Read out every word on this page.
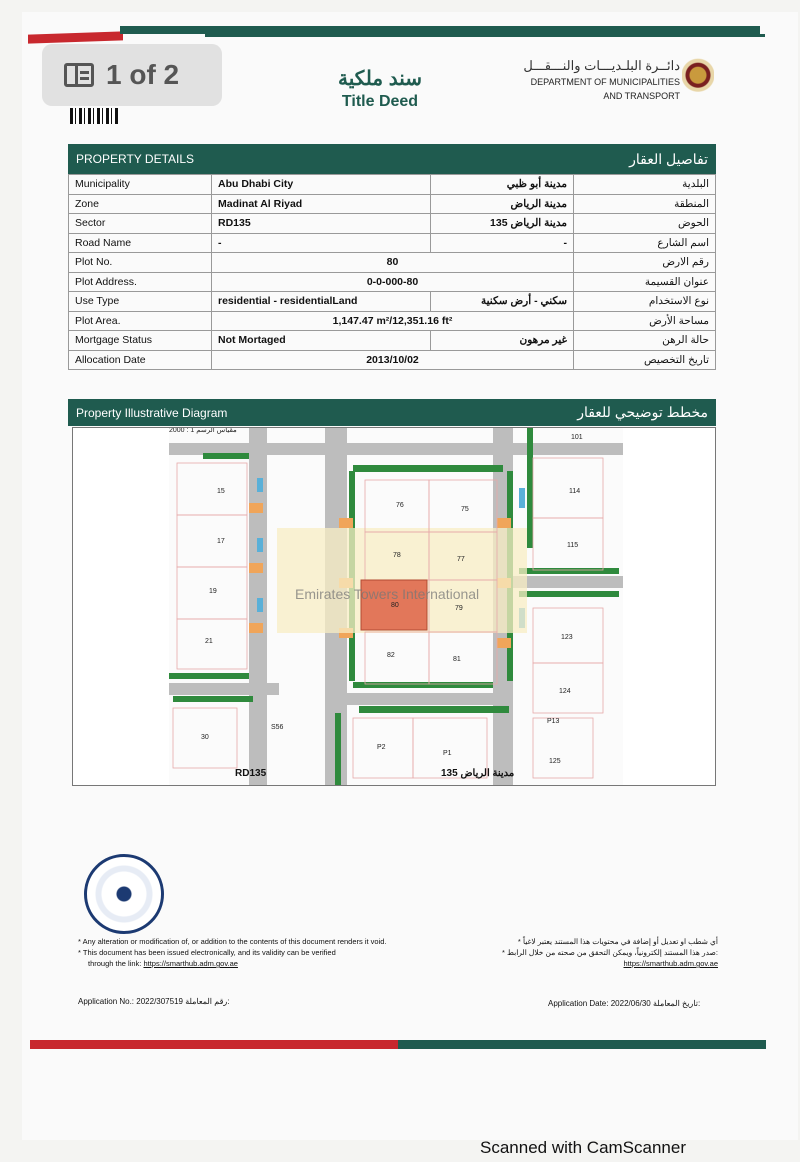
1 of 2	سند ملكية
Title Deed
دائــرة البلـديـــات والنـــقـــل
DEPARTMENT OF MUNICIPALITIES
AND TRANSPORT
PROPERTY DETAILS	تفاصيل العقار
Municipality	Abu Dhabi City	مدينة أبو ظبي	البلدية
Zone	Madinat Al Riyad	مدينة الرياض	المنطقة
Sector	RD135	مدينة الرياض 135	الحوض
Road Name	-	-	اسم الشارع
Plot No.	80		رقم الارض
Plot Address.	0-0-000-80		عنوان القسيمة
Use Type	residential - residentialLand	سكني - أرض سكنية	نوع الاستخدام
Plot Area.	1,147.47 m²/12,351.16 ft²		مساحة الأرض
Mortgage Status	Not Mortaged	غير مرهون	حالة الرهن
Allocation Date	2013/10/02		تاريخ التخصيص
Property Illustrative Diagram	مخطط توضيحي للعقار
مقياس الرسم 1 : 2000
15
17
19
21
30
76
75
78
77
80	79
82
81
101
114
115
123
124
125
P1
P2
P13
S56
Emirates Towers International
RD135	مدينة الرياض 135
* Any alteration or modification of, or addition to the contents of this document renders it void.
* This document has been issued electronically, and its validity can be verified
through the link: https://smarthub.adm.gov.ae
* أي شطب او تعديل أو إضافة في محتويات هذا المستند يعتبر لاغياً
* صدر هذا المستند إلكترونياً، ويمكن التحقق من صحته من خلال الرابط:
https://smarthub.adm.gov.ae
Application No.: 2022/307519 رقم المعاملة:	Application Date: 2022/06/30 تاريخ المعاملة:
Scanned with CamScanner
